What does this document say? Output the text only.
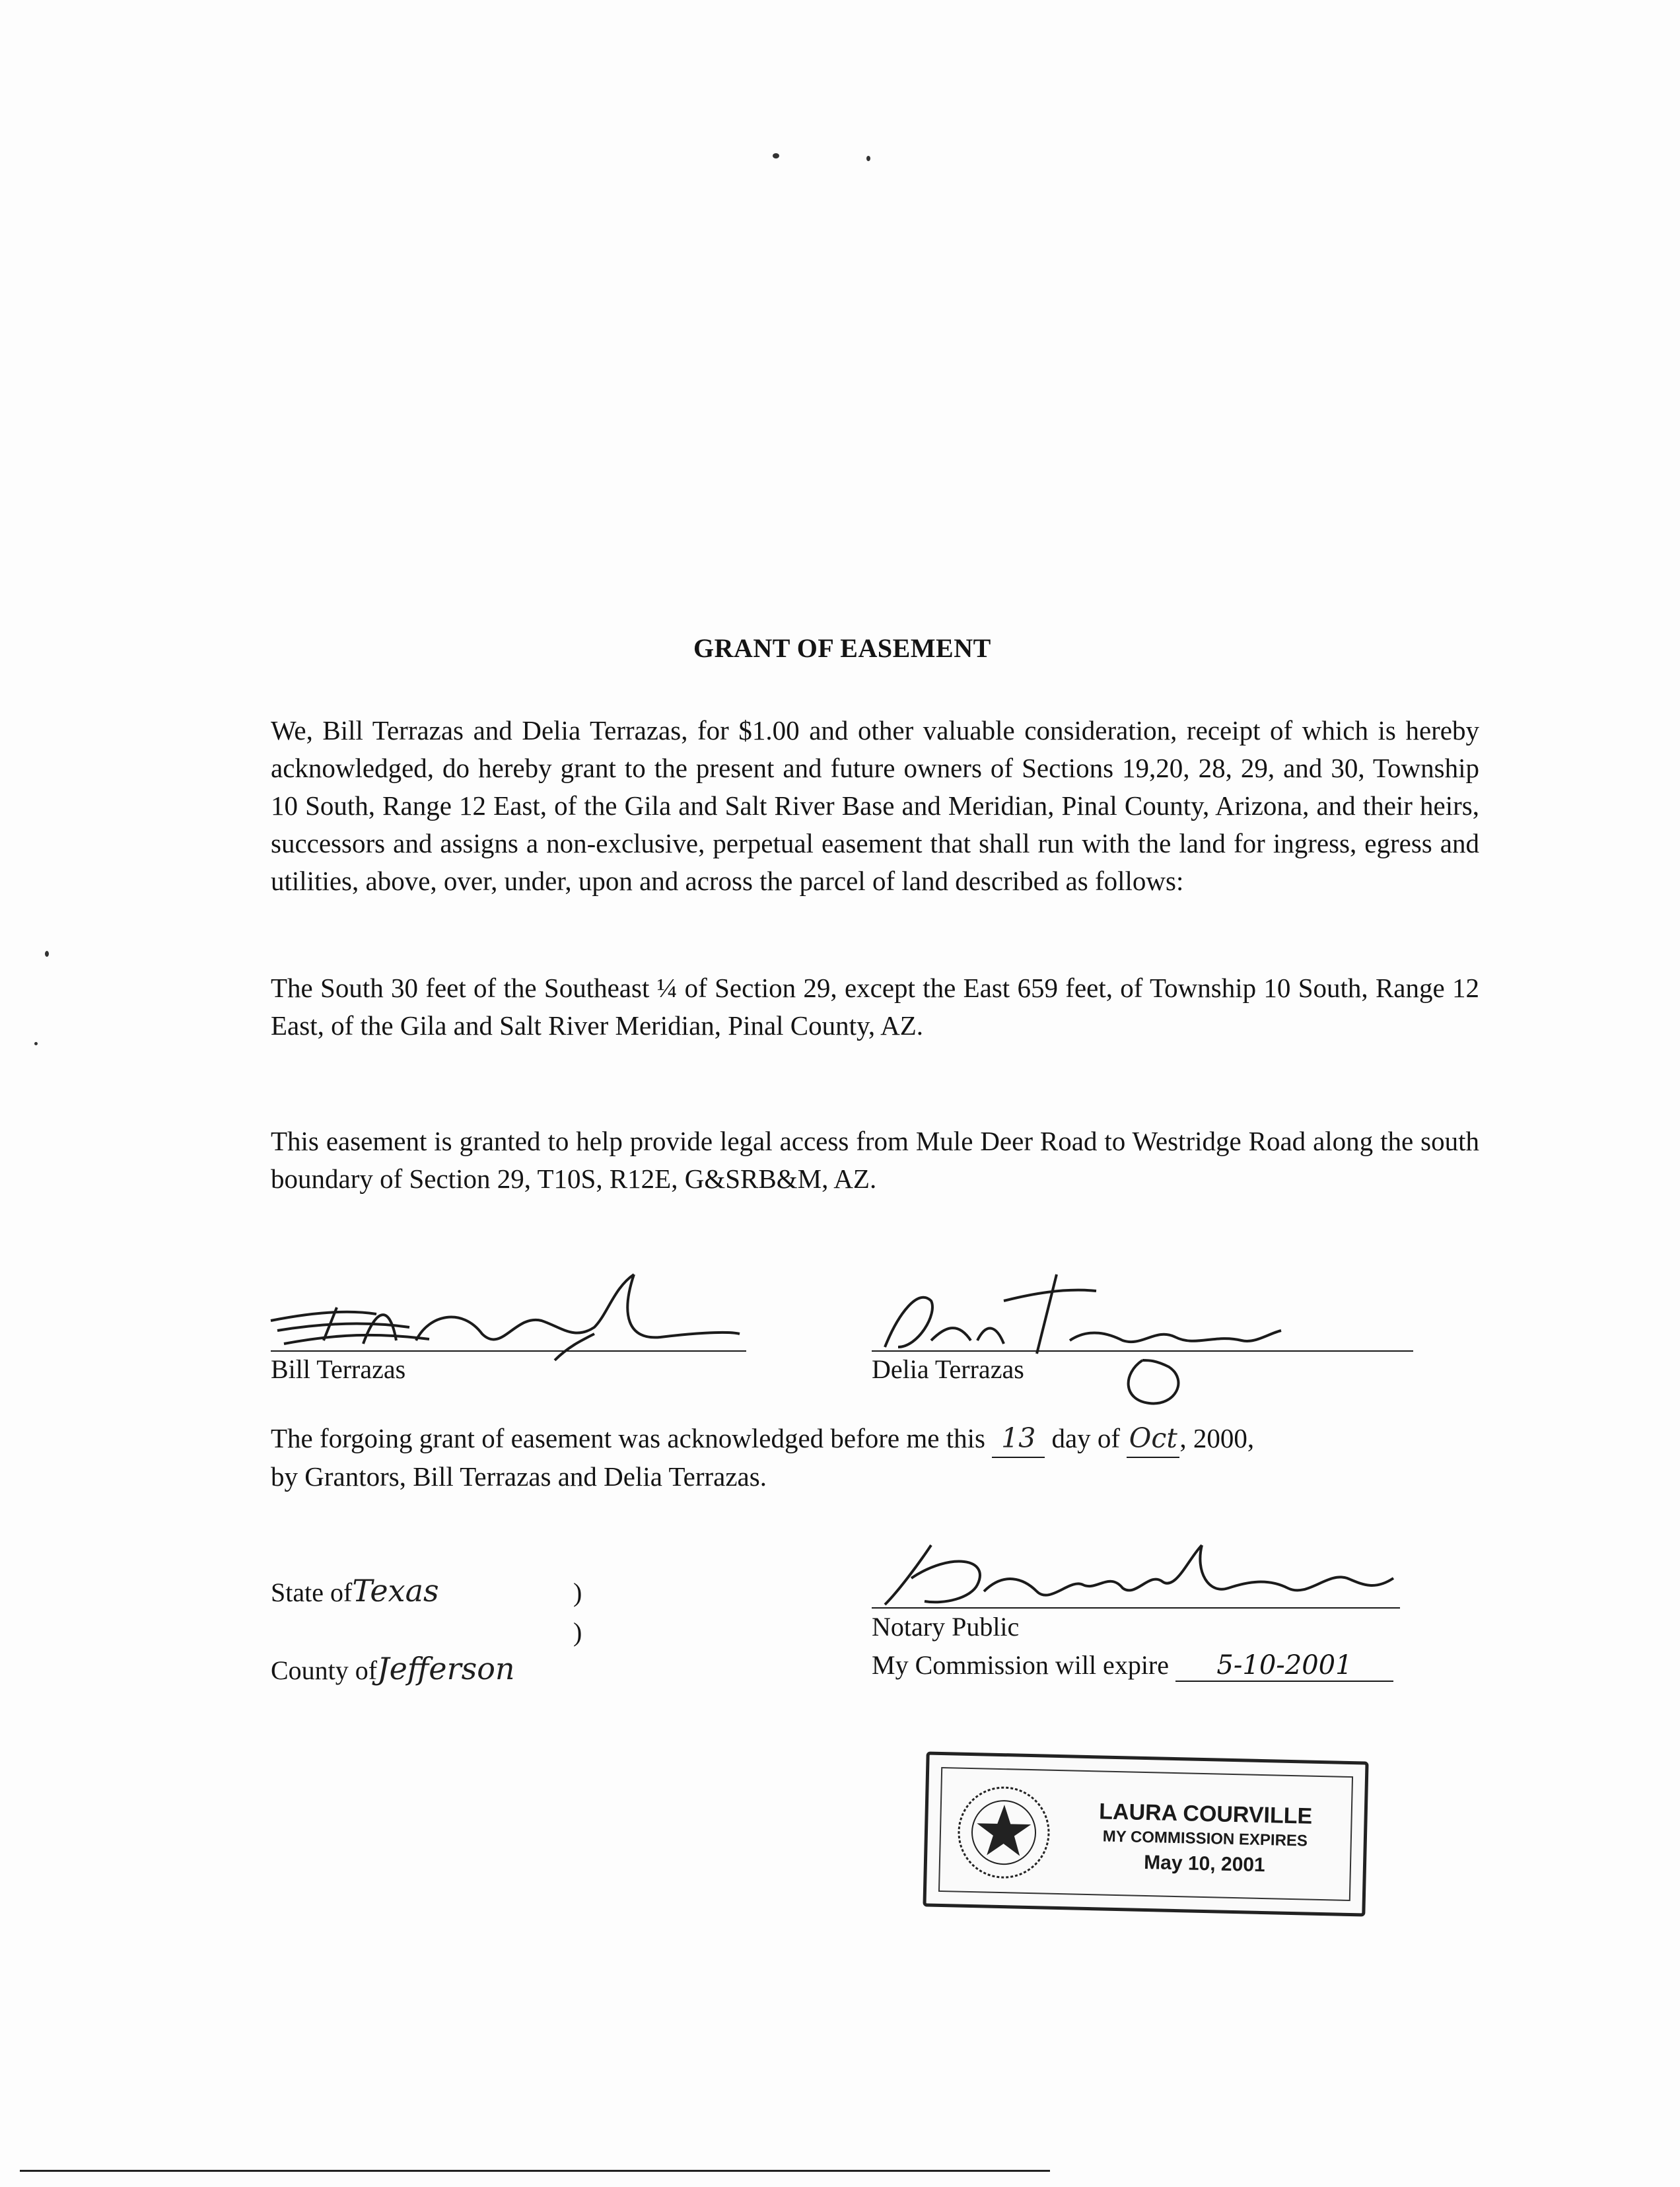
GRANT OF EASEMENT
We, Bill Terrazas and Delia Terrazas, for $1.00 and other valuable consideration, receipt of which is hereby acknowledged, do hereby grant to the present and future owners of Sections 19,20, 28, 29, and 30, Township 10 South, Range 12 East, of the Gila and Salt River Base and Meridian, Pinal County, Arizona, and their heirs, successors and assigns a non-exclusive, perpetual easement that shall run with the land for ingress, egress and utilities, above, over, under, upon and across the parcel of land described as follows:
The South 30 feet of the Southeast ¼ of Section 29, except the East 659 feet, of Township 10 South, Range 12 East, of the Gila and Salt River Meridian, Pinal County, AZ.
This easement is granted to help provide legal access from Mule Deer Road to Westridge Road along the south boundary of Section 29, T10S, R12E, G&SRB&M, AZ.
Bill Terrazas	Delia Terrazas
The forgoing grant of easement was acknowledged before me this 13 day of Oct, 2000,
by Grantors, Bill Terrazas and Delia Terrazas.
State ofTexas	)
)
County ofJefferson
Notary Public
My Commission will expire 5-10-2001
LAURA COURVILLE
MY COMMISSION EXPIRES
May 10, 2001
